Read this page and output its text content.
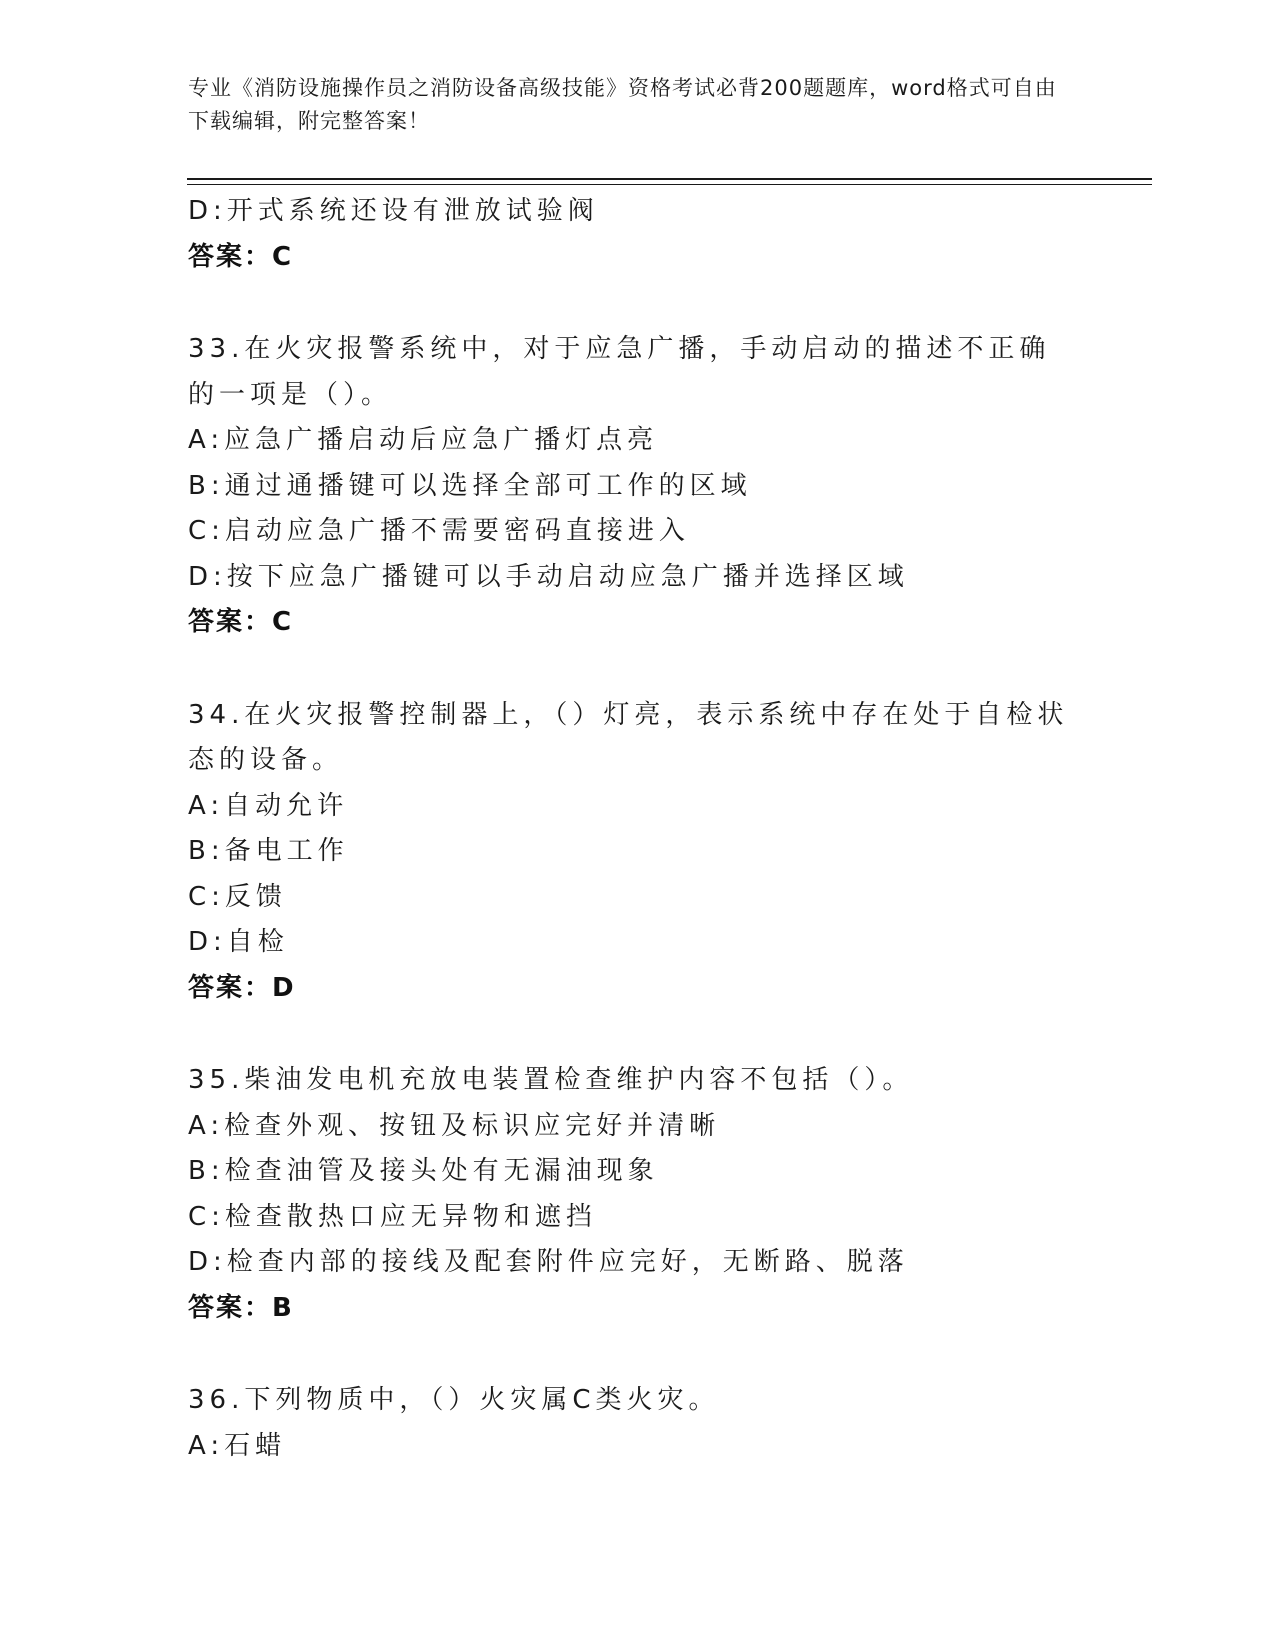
专业《消防设施操作员之消防设备高级技能》资格考试必背200题题库，word格式可自由下载编辑，附完整答案！
D:开式系统还设有泄放试验阀
答案：C
33.在火灾报警系统中，对于应急广播，手动启动的描述不正确的一项是（）。
A:应急广播启动后应急广播灯点亮
B:通过通播键可以选择全部可工作的区域
C:启动应急广播不需要密码直接进入
D:按下应急广播键可以手动启动应急广播并选择区域
答案：C
34.在火灾报警控制器上，（）灯亮，表示系统中存在处于自检状态的设备。
A:自动允许
B:备电工作
C:反馈
D:自检
答案：D
35.柴油发电机充放电装置检查维护内容不包括（）。
A:检查外观、按钮及标识应完好并清晰
B:检查油管及接头处有无漏油现象
C:检查散热口应无异物和遮挡
D:检查内部的接线及配套附件应完好，无断路、脱落
答案：B
36.下列物质中，（）火灾属C类火灾。
A:石蜡
